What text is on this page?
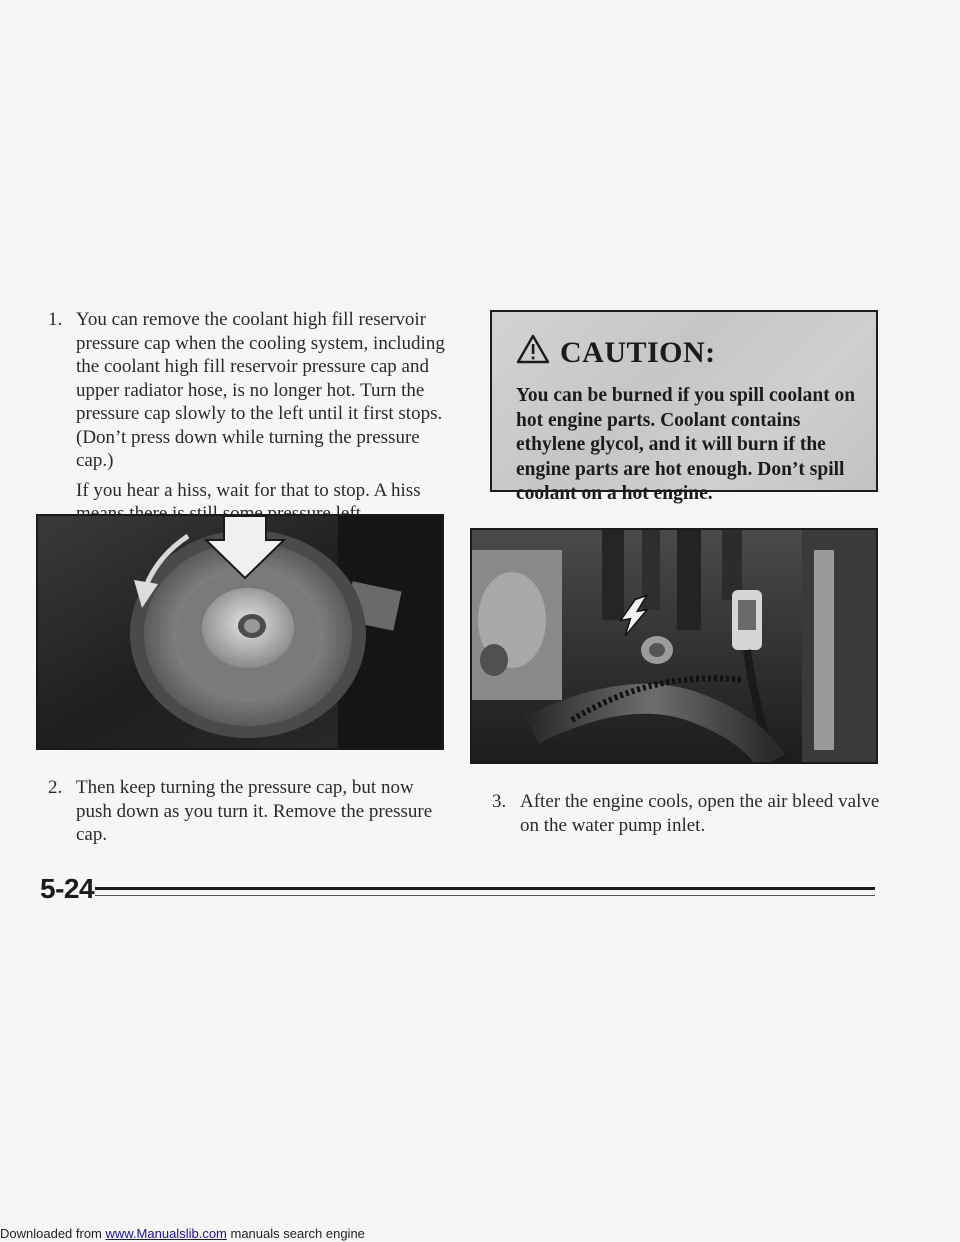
1. You can remove the coolant high fill reservoir pressure cap when the cooling system, including the coolant high fill reservoir pressure cap and upper radiator hose, is no longer hot. Turn the pressure cap slowly to the left until it first stops. (Don’t press down while turning the pressure cap.)

If you hear a hiss, wait for that to stop. A hiss

CAUTION:

You can be burned if you spill coolant on hot engine parts. Coolant contains ethylene glycol, and it will burn if the engine parts are hot enough. Don’t spill coolant on a hot engine.

2. Then keep turning the pressure cap, but now push down as you turn it. Remove the pressure cap.

3. After the engine cools, open the air bleed valve on the water pump inlet.

5-24
Downloaded from www.Manualslib.com manuals search engine
